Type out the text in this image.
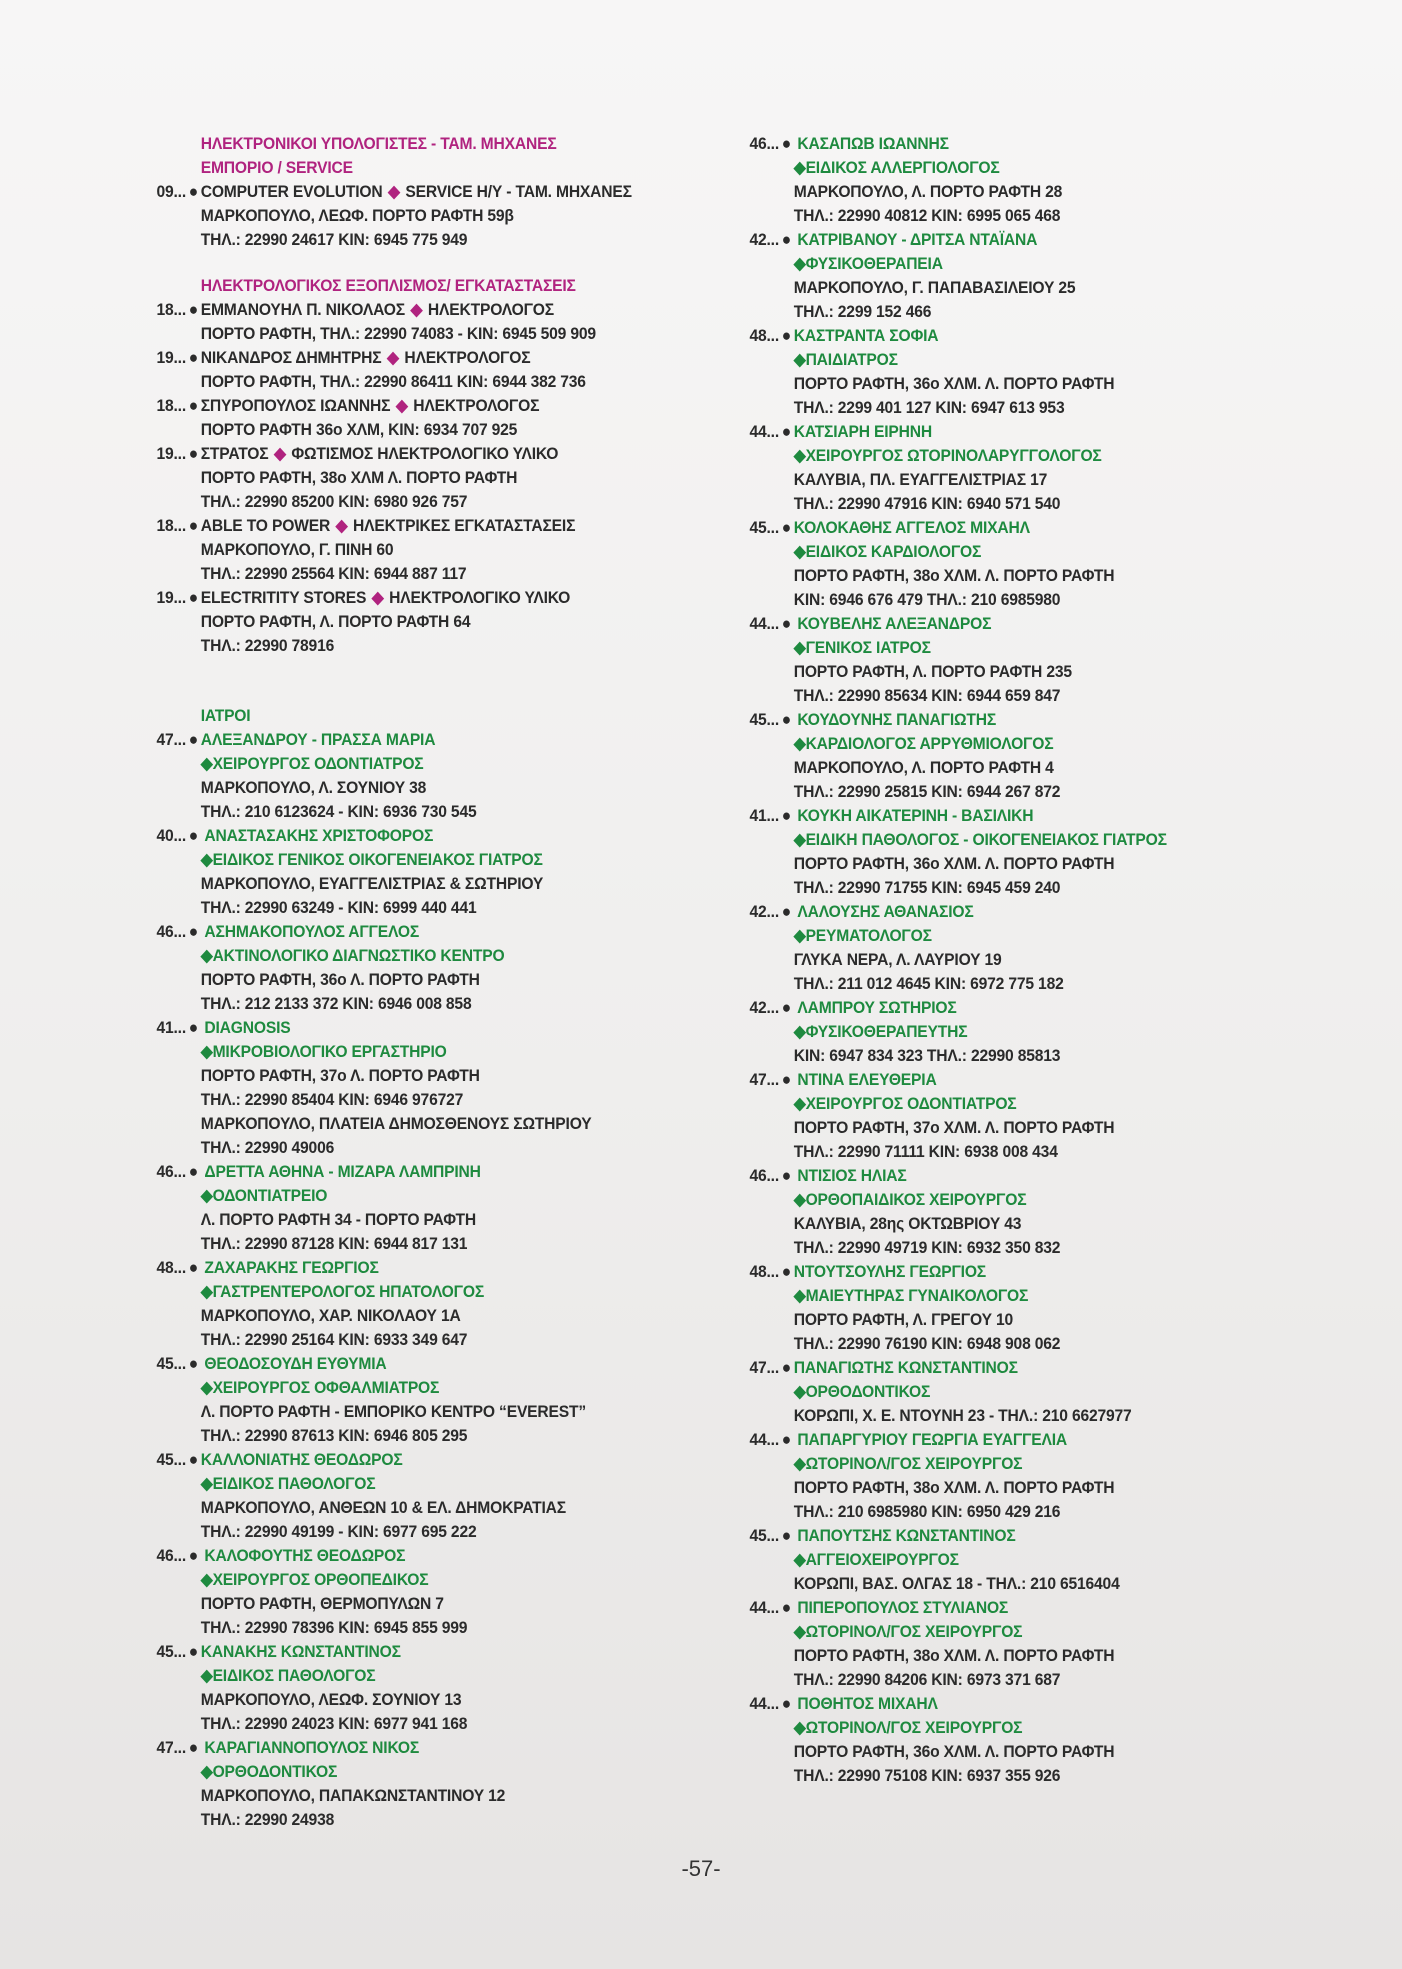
ΗΛΕΚΤΡΟΝΙΚΟΙ ΥΠΟΛΟΓΙΣΤΕΣ - ΤΑΜ. ΜΗΧΑΝΕΣ
ΕΜΠΟΡΙΟ / SERVICE
09... ● COMPUTER EVOLUTION ◆ SERVICE Η/Υ - ΤΑΜ. ΜΗΧΑΝΕΣ
ΜΑΡΚΟΠΟΥΛΟ, ΛΕΩΦ. ΠΟΡΤΟ ΡΑΦΤΗ 59β
ΤΗΛ.: 22990 24617 ΚΙΝ: 6945 775 949
ΗΛΕΚΤΡΟΛΟΓΙΚΟΣ ΕΞΟΠΛΙΣΜΟΣ/ ΕΓΚΑΤΑΣΤΑΣΕΙΣ
18... ● ΕΜΜΑΝΟΥΗΛ Π. ΝΙΚΟΛΑΟΣ ◆ ΗΛΕΚΤΡΟΛΟΓΟΣ
ΠΟΡΤΟ ΡΑΦΤΗ, ΤΗΛ.: 22990 74083 - ΚΙΝ: 6945 509 909
19... ● ΝΙΚΑΝΔΡΟΣ ΔΗΜΗΤΡΗΣ ◆ ΗΛΕΚΤΡΟΛΟΓΟΣ
ΠΟΡΤΟ ΡΑΦΤΗ, ΤΗΛ.: 22990 86411 ΚΙΝ: 6944 382 736
18... ● ΣΠΥΡΟΠΟΥΛΟΣ ΙΩΑΝΝΗΣ ◆ ΗΛΕΚΤΡΟΛΟΓΟΣ
ΠΟΡΤΟ ΡΑΦΤΗ 36ο ΧΛΜ, ΚΙΝ: 6934 707 925
19... ● ΣΤΡΑΤΟΣ ◆ ΦΩΤΙΣΜΟΣ ΗΛΕΚΤΡΟΛΟΓΙΚΟ ΥΛΙΚΟ
ΠΟΡΤΟ ΡΑΦΤΗ, 38ο ΧΛΜ Λ. ΠΟΡΤΟ ΡΑΦΤΗ
ΤΗΛ.: 22990 85200 ΚΙΝ: 6980 926 757
18... ● ABLE TO POWER ◆ ΗΛΕΚΤΡΙΚΕΣ ΕΓΚΑΤΑΣΤΑΣΕΙΣ
ΜΑΡΚΟΠΟΥΛΟ, Γ. ΠΙΝΗ 60
ΤΗΛ.: 22990 25564 ΚΙΝ: 6944 887 117
19... ● ELECTRITITY STORES ◆ ΗΛΕΚΤΡΟΛΟΓΙΚΟ ΥΛΙΚΟ
ΠΟΡΤΟ ΡΑΦΤΗ, Λ. ΠΟΡΤΟ ΡΑΦΤΗ 64
ΤΗΛ.: 22990 78916
ΙΑΤΡΟΙ
47... ● ΑΛΕΞΑΝΔΡΟΥ - ΠΡΑΣΣΑ ΜΑΡΙΑ
◆ΧΕΙΡΟΥΡΓΟΣ ΟΔΟΝΤΙΑΤΡΟΣ
ΜΑΡΚΟΠΟΥΛΟ, Λ. ΣΟΥΝΙΟΥ 38
ΤΗΛ.: 210 6123624 - ΚΙΝ: 6936 730 545
40... ● ΑΝΑΣΤΑΣΑΚΗΣ ΧΡΙΣΤΟΦΟΡΟΣ
◆ΕΙΔΙΚΟΣ ΓΕΝΙΚΟΣ ΟΙΚΟΓΕΝΕΙΑΚΟΣ ΓΙΑΤΡΟΣ
ΜΑΡΚΟΠΟΥΛΟ, ΕΥΑΓΓΕΛΙΣΤΡΙΑΣ & ΣΩΤΗΡΙΟΥ
ΤΗΛ.: 22990 63249 - ΚΙΝ: 6999 440 441
46... ● ΑΣΗΜΑΚΟΠΟΥΛΟΣ ΑΓΓΕΛΟΣ
◆ΑΚΤΙΝΟΛΟΓΙΚΟ ΔΙΑΓΝΩΣΤΙΚΟ ΚΕΝΤΡΟ
ΠΟΡΤΟ ΡΑΦΤΗ, 36ο Λ. ΠΟΡΤΟ ΡΑΦΤΗ
ΤΗΛ.: 212 2133 372 ΚΙΝ: 6946 008 858
41... ● DIAGNOSIS
◆ΜΙΚΡΟΒΙΟΛΟΓΙΚΟ ΕΡΓΑΣΤΗΡΙΟ
ΠΟΡΤΟ ΡΑΦΤΗ, 37ο Λ. ΠΟΡΤΟ ΡΑΦΤΗ
ΤΗΛ.: 22990 85404 ΚΙΝ: 6946 976727
ΜΑΡΚΟΠΟΥΛΟ, ΠΛΑΤΕΙΑ ΔΗΜΟΣΘΕΝΟΥΣ ΣΩΤΗΡΙΟΥ
ΤΗΛ.: 22990 49006
46... ● ΔΡΕΤΤΑ ΑΘΗΝΑ - ΜΙΖΑΡΑ ΛΑΜΠΡΙΝΗ
◆ΟΔΟΝΤΙΑΤΡΕΙΟ
Λ. ΠΟΡΤΟ ΡΑΦΤΗ 34 - ΠΟΡΤΟ ΡΑΦΤΗ
ΤΗΛ.: 22990 87128 ΚΙΝ: 6944 817 131
48... ● ΖΑΧΑΡΑΚΗΣ ΓΕΩΡΓΙΟΣ
◆ΓΑΣΤΡΕΝΤΕΡΟΛΟΓΟΣ ΗΠΑΤΟΛΟΓΟΣ
ΜΑΡΚΟΠΟΥΛΟ, ΧΑΡ. ΝΙΚΟΛΑΟΥ 1Α
ΤΗΛ.: 22990 25164 ΚΙΝ: 6933 349 647
45... ● ΘΕΟΔΟΣΟΥΔΗ ΕΥΘΥΜΙΑ
◆ΧΕΙΡΟΥΡΓΟΣ ΟΦΘΑΛΜΙΑΤΡΟΣ
Λ. ΠΟΡΤΟ ΡΑΦΤΗ - ΕΜΠΟΡΙΚΟ ΚΕΝΤΡΟ “EVEREST”
ΤΗΛ.: 22990 87613 ΚΙΝ: 6946 805 295
45... ● ΚΑΛΛΟΝΙΑΤΗΣ ΘΕΟΔΩΡΟΣ
◆ΕΙΔΙΚΟΣ ΠΑΘΟΛΟΓΟΣ
ΜΑΡΚΟΠΟΥΛΟ, ΑΝΘΕΩΝ 10 & ΕΛ. ΔΗΜΟΚΡΑΤΙΑΣ
ΤΗΛ.: 22990 49199 - ΚΙΝ: 6977 695 222
46... ● ΚΑΛΟΦΟΥΤΗΣ ΘΕΟΔΩΡΟΣ
◆ΧΕΙΡΟΥΡΓΟΣ ΟΡΘΟΠΕΔΙΚΟΣ
ΠΟΡΤΟ ΡΑΦΤΗ, ΘΕΡΜΟΠΥΛΩΝ 7
ΤΗΛ.: 22990 78396 ΚΙΝ: 6945 855 999
45... ● ΚΑΝΑΚΗΣ ΚΩΝΣΤΑΝΤΙΝΟΣ
◆ΕΙΔΙΚΟΣ ΠΑΘΟΛΟΓΟΣ
ΜΑΡΚΟΠΟΥΛΟ, ΛΕΩΦ. ΣΟΥΝΙΟΥ 13
ΤΗΛ.: 22990 24023 ΚΙΝ: 6977 941 168
47... ● ΚΑΡΑΓΙΑΝΝΟΠΟΥΛΟΣ ΝΙΚΟΣ
◆ΟΡΘΟΔΟΝΤΙΚΟΣ
ΜΑΡΚΟΠΟΥΛΟ, ΠΑΠΑΚΩΝΣΤΑΝΤΙΝΟΥ 12
ΤΗΛ.: 22990 24938
46... ● ΚΑΣΑΠΩΒ ΙΩΑΝΝΗΣ
◆ΕΙΔΙΚΟΣ ΑΛΛΕΡΓΙΟΛΟΓΟΣ
ΜΑΡΚΟΠΟΥΛΟ, Λ. ΠΟΡΤΟ ΡΑΦΤΗ 28
ΤΗΛ.: 22990 40812 ΚΙΝ: 6995 065 468
42... ● ΚΑΤΡΙΒΑΝΟΥ - ΔΡΙΤΣΑ ΝΤΑΪΑΝΑ
◆ΦΥΣΙΚΟΘΕΡΑΠΕΙΑ
ΜΑΡΚΟΠΟΥΛΟ, Γ. ΠΑΠΑΒΑΣΙΛΕΙΟΥ 25
ΤΗΛ.: 2299 152 466
48... ● ΚΑΣΤΡΑΝΤΑ ΣΟΦΙΑ
◆ΠΑΙΔΙΑΤΡΟΣ
ΠΟΡΤΟ ΡΑΦΤΗ, 36ο ΧΛΜ. Λ. ΠΟΡΤΟ ΡΑΦΤΗ
ΤΗΛ.: 2299 401 127 ΚΙΝ: 6947 613 953
44... ● ΚΑΤΣΙΑΡΗ ΕΙΡΗΝΗ
◆ΧΕΙΡΟΥΡΓΟΣ ΩΤΟΡΙΝΟΛΑΡΥΓΓΟΛΟΓΟΣ
ΚΑΛΥΒΙΑ, ΠΛ. ΕΥΑΓΓΕΛΙΣΤΡΙΑΣ 17
ΤΗΛ.: 22990 47916 ΚΙΝ: 6940 571 540
45... ● ΚΟΛΟΚΑΘΗΣ ΑΓΓΕΛΟΣ ΜΙΧΑΗΛ
◆ΕΙΔΙΚΟΣ ΚΑΡΔΙΟΛΟΓΟΣ
ΠΟΡΤΟ ΡΑΦΤΗ, 38ο ΧΛΜ. Λ. ΠΟΡΤΟ ΡΑΦΤΗ
ΚΙΝ: 6946 676 479 ΤΗΛ.: 210 6985980
44... ● ΚΟΥΒΕΛΗΣ ΑΛΕΞΑΝΔΡΟΣ
◆ΓΕΝΙΚΟΣ ΙΑΤΡΟΣ
ΠΟΡΤΟ ΡΑΦΤΗ, Λ. ΠΟΡΤΟ ΡΑΦΤΗ 235
ΤΗΛ.: 22990 85634 ΚΙΝ: 6944 659 847
45... ● ΚΟΥΔΟΥΝΗΣ ΠΑΝΑΓΙΩΤΗΣ
◆ΚΑΡΔΙΟΛΟΓΟΣ ΑΡΡΥΘΜΙΟΛΟΓΟΣ
ΜΑΡΚΟΠΟΥΛΟ, Λ. ΠΟΡΤΟ ΡΑΦΤΗ 4
ΤΗΛ.: 22990 25815 ΚΙΝ: 6944 267 872
41... ● ΚΟΥΚΗ ΑΙΚΑΤΕΡΙΝΗ - ΒΑΣΙΛΙΚΗ
◆ΕΙΔΙΚΗ ΠΑΘΟΛΟΓΟΣ - ΟΙΚΟΓΕΝΕΙΑΚΟΣ ΓΙΑΤΡΟΣ
ΠΟΡΤΟ ΡΑΦΤΗ, 36ο ΧΛΜ. Λ. ΠΟΡΤΟ ΡΑΦΤΗ
ΤΗΛ.: 22990 71755 ΚΙΝ: 6945 459 240
42... ● ΛΑΛΟΥΣΗΣ ΑΘΑΝΑΣΙΟΣ
◆ΡΕΥΜΑΤΟΛΟΓΟΣ
ΓΛΥΚΑ ΝΕΡΑ, Λ. ΛΑΥΡΙΟΥ 19
ΤΗΛ.: 211 012 4645 ΚΙΝ: 6972 775 182
42... ● ΛΑΜΠΡΟΥ ΣΩΤΗΡΙΟΣ
◆ΦΥΣΙΚΟΘΕΡΑΠΕΥΤΗΣ
ΚΙΝ: 6947 834 323 ΤΗΛ.: 22990 85813
47... ● ΝΤΙΝΑ ΕΛΕΥΘΕΡΙΑ
◆ΧΕΙΡΟΥΡΓΟΣ ΟΔΟΝΤΙΑΤΡΟΣ
ΠΟΡΤΟ ΡΑΦΤΗ, 37ο ΧΛΜ. Λ. ΠΟΡΤΟ ΡΑΦΤΗ
ΤΗΛ.: 22990 71111 ΚΙΝ: 6938 008 434
46... ● ΝΤΙΣΙΟΣ ΗΛΙΑΣ
◆ΟΡΘΟΠΑΙΔΙΚΟΣ ΧΕΙΡΟΥΡΓΟΣ
ΚΑΛΥΒΙΑ, 28ης ΟΚΤΩΒΡΙΟΥ 43
ΤΗΛ.: 22990 49719 ΚΙΝ: 6932 350 832
48... ● ΝΤΟΥΤΣΟΥΛΗΣ ΓΕΩΡΓΙΟΣ
◆ΜΑΙΕΥΤΗΡΑΣ ΓΥΝΑΙΚΟΛΟΓΟΣ
ΠΟΡΤΟ ΡΑΦΤΗ, Λ. ΓΡΕΓΟΥ 10
ΤΗΛ.: 22990 76190 ΚΙΝ: 6948 908 062
47... ● ΠΑΝΑΓΙΩΤΗΣ ΚΩΝΣΤΑΝΤΙΝΟΣ
◆ΟΡΘΟΔΟΝΤΙΚΟΣ
ΚΟΡΩΠΙ, Χ. Ε. ΝΤΟΥΝΗ 23 - ΤΗΛ.: 210 6627977
44... ● ΠΑΠΑΡΓΥΡΙΟΥ ΓΕΩΡΓΙΑ ΕΥΑΓΓΕΛΙΑ
◆ΩΤΟΡΙΝΟΛ/ΓΟΣ ΧΕΙΡΟΥΡΓΟΣ
ΠΟΡΤΟ ΡΑΦΤΗ, 38ο ΧΛΜ. Λ. ΠΟΡΤΟ ΡΑΦΤΗ
ΤΗΛ.: 210 6985980 ΚΙΝ: 6950 429 216
45... ● ΠΑΠΟΥΤΣΗΣ ΚΩΝΣΤΑΝΤΙΝΟΣ
◆ΑΓΓΕΙΟΧΕΙΡΟΥΡΓΟΣ
ΚΟΡΩΠΙ, ΒΑΣ. ΟΛΓΑΣ 18 - ΤΗΛ.: 210 6516404
44... ● ΠΙΠΕΡΟΠΟΥΛΟΣ ΣΤΥΛΙΑΝΟΣ
◆ΩΤΟΡΙΝΟΛ/ΓΟΣ ΧΕΙΡΟΥΡΓΟΣ
ΠΟΡΤΟ ΡΑΦΤΗ, 38ο ΧΛΜ. Λ. ΠΟΡΤΟ ΡΑΦΤΗ
ΤΗΛ.: 22990 84206 ΚΙΝ: 6973 371 687
44... ● ΠΟΘΗΤΟΣ ΜΙΧΑΗΛ
◆ΩΤΟΡΙΝΟΛ/ΓΟΣ ΧΕΙΡΟΥΡΓΟΣ
ΠΟΡΤΟ ΡΑΦΤΗ, 36ο ΧΛΜ. Λ. ΠΟΡΤΟ ΡΑΦΤΗ
ΤΗΛ.: 22990 75108 ΚΙΝ: 6937 355 926
-57-
